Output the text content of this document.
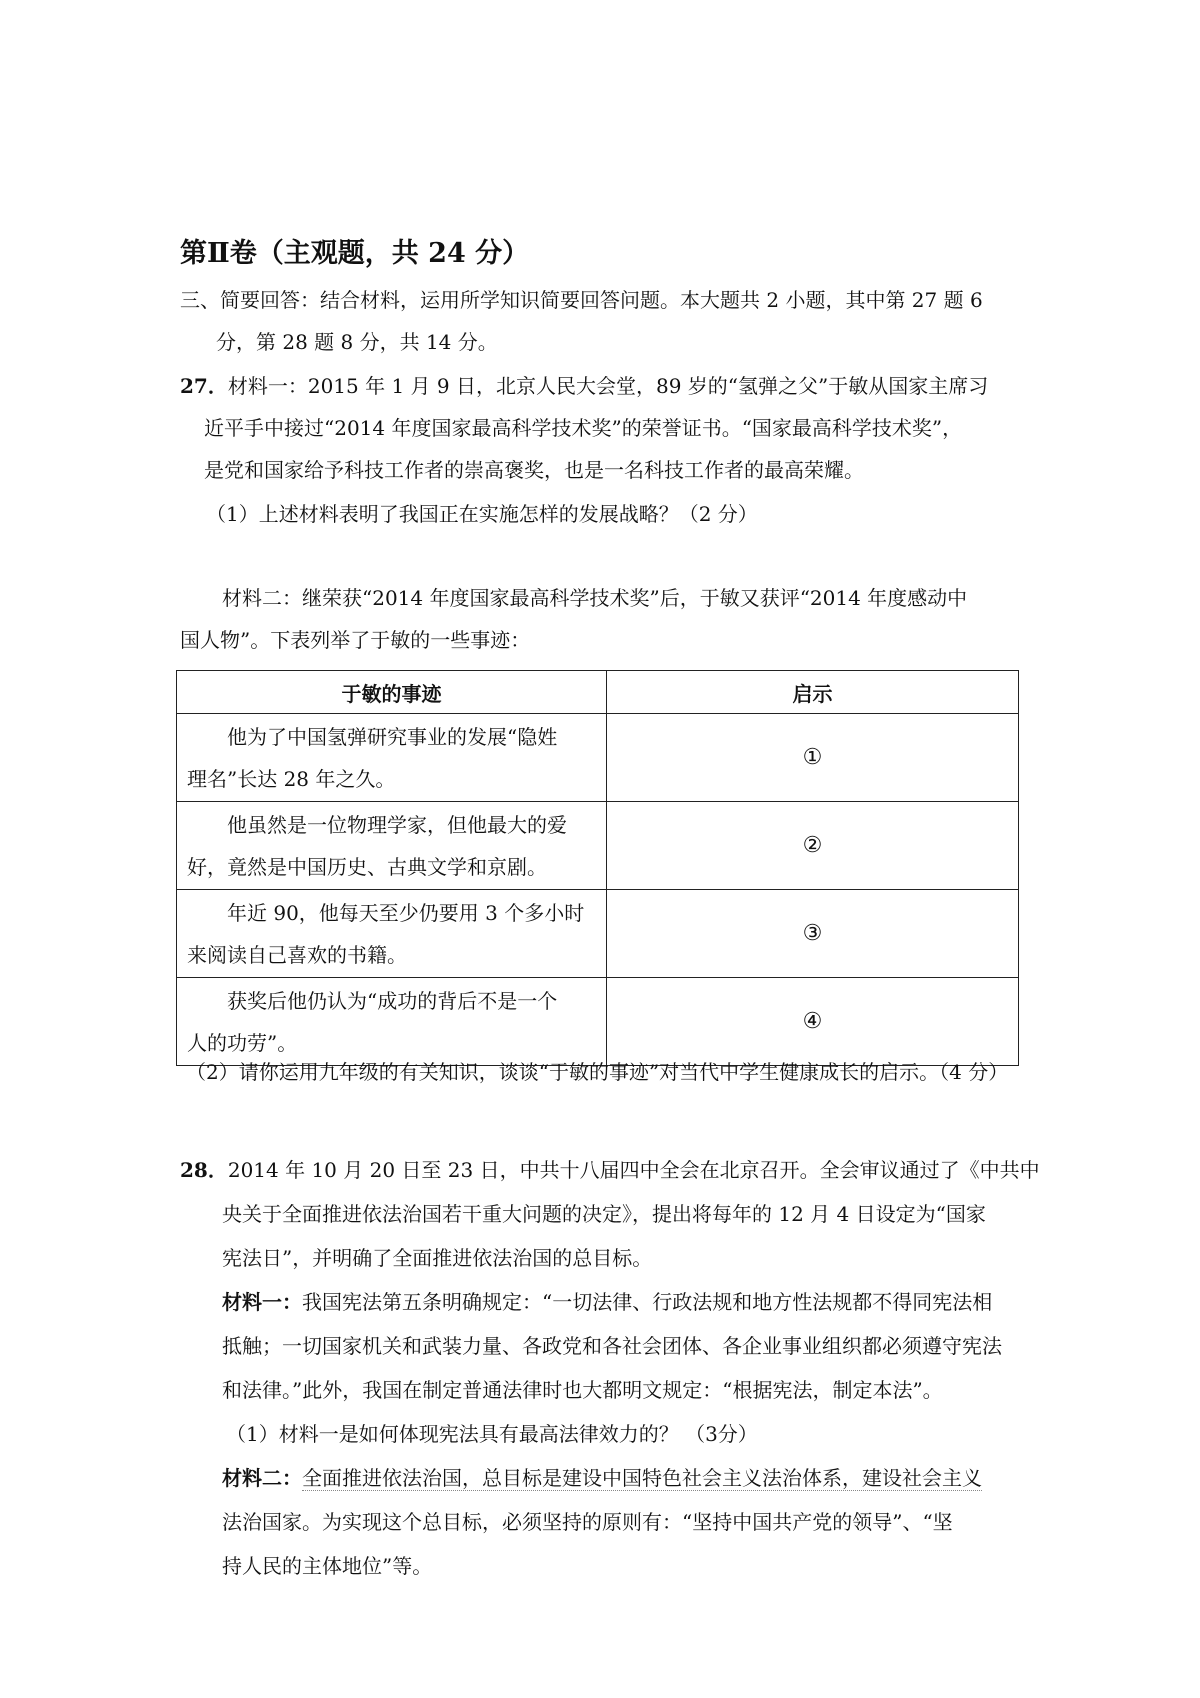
第Ⅱ卷（主观题，共 24 分）
三、简要回答：结合材料，运用所学知识简要回答问题。本大题共 2 小题，其中第 27 题 6
分，第 28 题 8 分，共 14 分。
27．材料一：2015 年 1 月 9 日，北京人民大会堂，89 岁的“氢弹之父”于敏从国家主席习
近平手中接过“2014 年度国家最高科学技术奖”的荣誉证书。“国家最高科学技术奖”，
是党和国家给予科技工作者的崇高褒奖，也是一名科技工作者的最高荣耀。
（1）上述材料表明了我国正在实施怎样的发展战略？（2 分）
材料二：继荣获“2014 年度国家最高科学技术奖”后，于敏又获评“2014 年度感动中
国人物”。下表列举了于敏的一些事迹：
于敏的事迹	启示
他为了中国氢弹研究事业的发展“隐姓
理名”长达 28 年之久。	①
他虽然是一位物理学家，但他最大的爱
好，竟然是中国历史、古典文学和京剧。	②
年近 90，他每天至少仍要用 3 个多小时
来阅读自己喜欢的书籍。	③
获奖后他仍认为“成功的背后不是一个
人的功劳”。	④
（2）请你运用九年级的有关知识，谈谈“于敏的事迹”对当代中学生健康成长的启示。（4 分）
28．2014 年 10 月 20 日至 23 日，中共十八届四中全会在北京召开。全会审议通过了《中共中
央关于全面推进依法治国若干重大问题的决定》，提出将每年的 12 月 4 日设定为“国家
宪法日”，并明确了全面推进依法治国的总目标。
材料一：我国宪法第五条明确规定：“一切法律、行政法规和地方性法规都不得同宪法相
抵触；一切国家机关和武装力量、各政党和各社会团体、各企业事业组织都必须遵守宪法
和法律。”此外，我国在制定普通法律时也大都明文规定：“根据宪法，制定本法”。
（1）材料一是如何体现宪法具有最高法律效力的？ （3分）
材料二：全面推进依法治国，总目标是建设中国特色社会主义法治体系，建设社会主义
法治国家。为实现这个总目标，必须坚持的原则有：“坚持中国共产党的领导”、“坚
持人民的主体地位”等。
